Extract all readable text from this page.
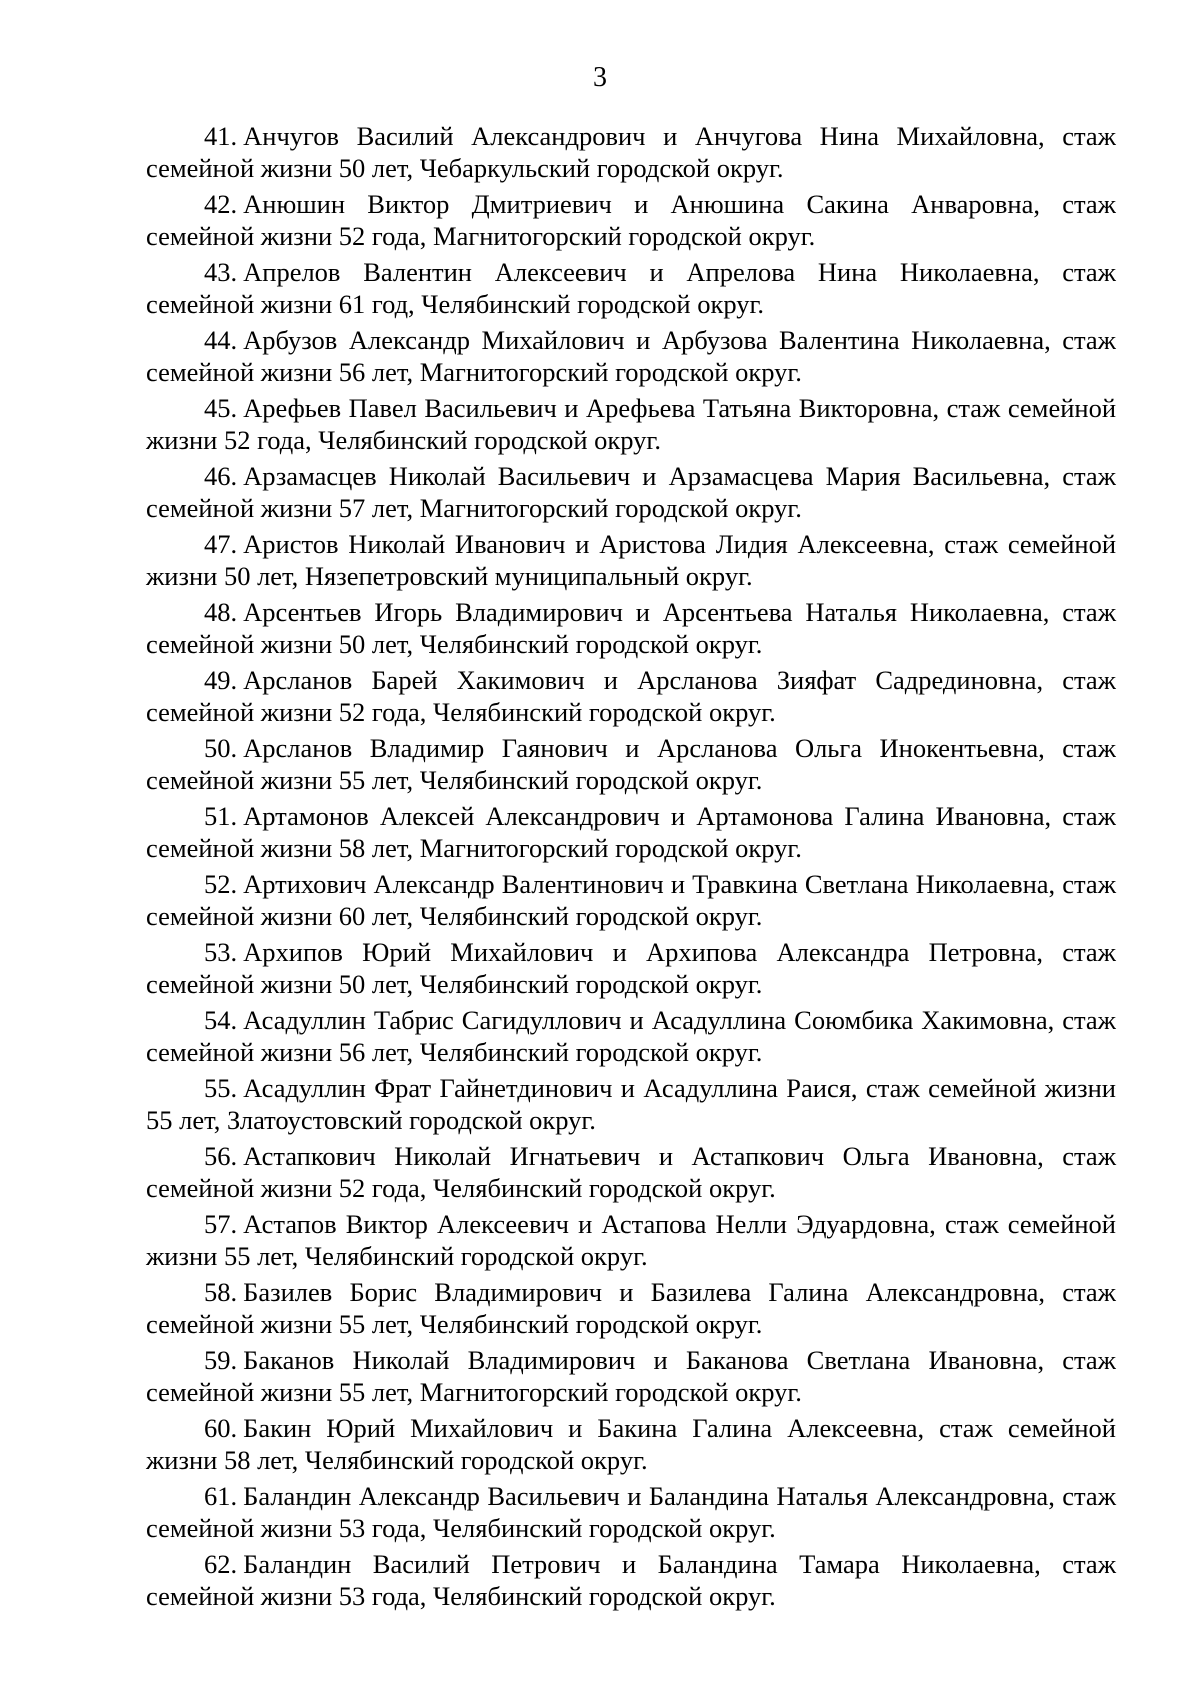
3

41. Анчугов Василий Александрович и Анчугова Нина Михайловна, стаж семейной жизни 50 лет, Чебаркульский городской округ.

42. Анюшин Виктор Дмитриевич и Анюшина Сакина Анваровна, стаж семейной жизни 52 года, Магнитогорский городской округ.

43. Апрелов Валентин Алексеевич и Апрелова Нина Николаевна, стаж семейной жизни 61 год, Челябинский городской округ.

44. Арбузов Александр Михайлович и Арбузова Валентина Николаевна, стаж семейной жизни 56 лет, Магнитогорский городской округ.

45. Арефьев Павел Васильевич и Арефьева Татьяна Викторовна, стаж семейной жизни 52 года, Челябинский городской округ.

46. Арзамасцев Николай Васильевич и Арзамасцева Мария Васильевна, стаж семейной жизни 57 лет, Магнитогорский городской округ.

47. Аристов Николай Иванович и Аристова Лидия Алексеевна, стаж семейной жизни 50 лет, Нязепетровский муниципальный округ.

48. Арсентьев Игорь Владимирович и Арсентьева Наталья Николаевна, стаж семейной жизни 50 лет, Челябинский городской округ.

49. Арсланов Барей Хакимович и Арсланова Зияфат Садрединовна, стаж семейной жизни 52 года, Челябинский городской округ.

50. Арсланов Владимир Гаянович и Арсланова Ольга Инокентьевна, стаж семейной жизни 55 лет, Челябинский городской округ.

51. Артамонов Алексей Александрович и Артамонова Галина Ивановна, стаж семейной жизни 58 лет, Магнитогорский городской округ.

52. Артихович Александр Валентинович и Травкина Светлана Николаевна, стаж семейной жизни 60 лет, Челябинский городской округ.

53. Архипов Юрий Михайлович и Архипова Александра Петровна, стаж семейной жизни 50 лет, Челябинский городской округ.

54. Асадуллин Табрис Сагидуллович и Асадуллина Союмбика Хакимовна, стаж семейной жизни 56 лет, Челябинский городской округ.

55. Асадуллин Фрат Гайнетдинович и Асадуллина Раися, стаж семейной жизни 55 лет, Златоустовский городской округ.

56. Астапкович Николай Игнатьевич и Астапкович Ольга Ивановна, стаж семейной жизни 52 года, Челябинский городской округ.

57. Астапов Виктор Алексеевич и Астапова Нелли Эдуардовна, стаж семейной жизни 55 лет, Челябинский городской округ.

58. Базилев Борис Владимирович и Базилева Галина Александровна, стаж семейной жизни 55 лет, Челябинский городской округ.

59. Баканов Николай Владимирович и Баканова Светлана Ивановна, стаж семейной жизни 55 лет, Магнитогорский городской округ.

60. Бакин Юрий Михайлович и Бакина Галина Алексеевна, стаж семейной жизни 58 лет, Челябинский городской округ.

61. Баландин Александр Васильевич и Баландина Наталья Александровна, стаж семейной жизни 53 года, Челябинский городской округ.

62. Баландин Василий Петрович и Баландина Тамара Николаевна, стаж семейной жизни 53 года, Челябинский городской округ.
